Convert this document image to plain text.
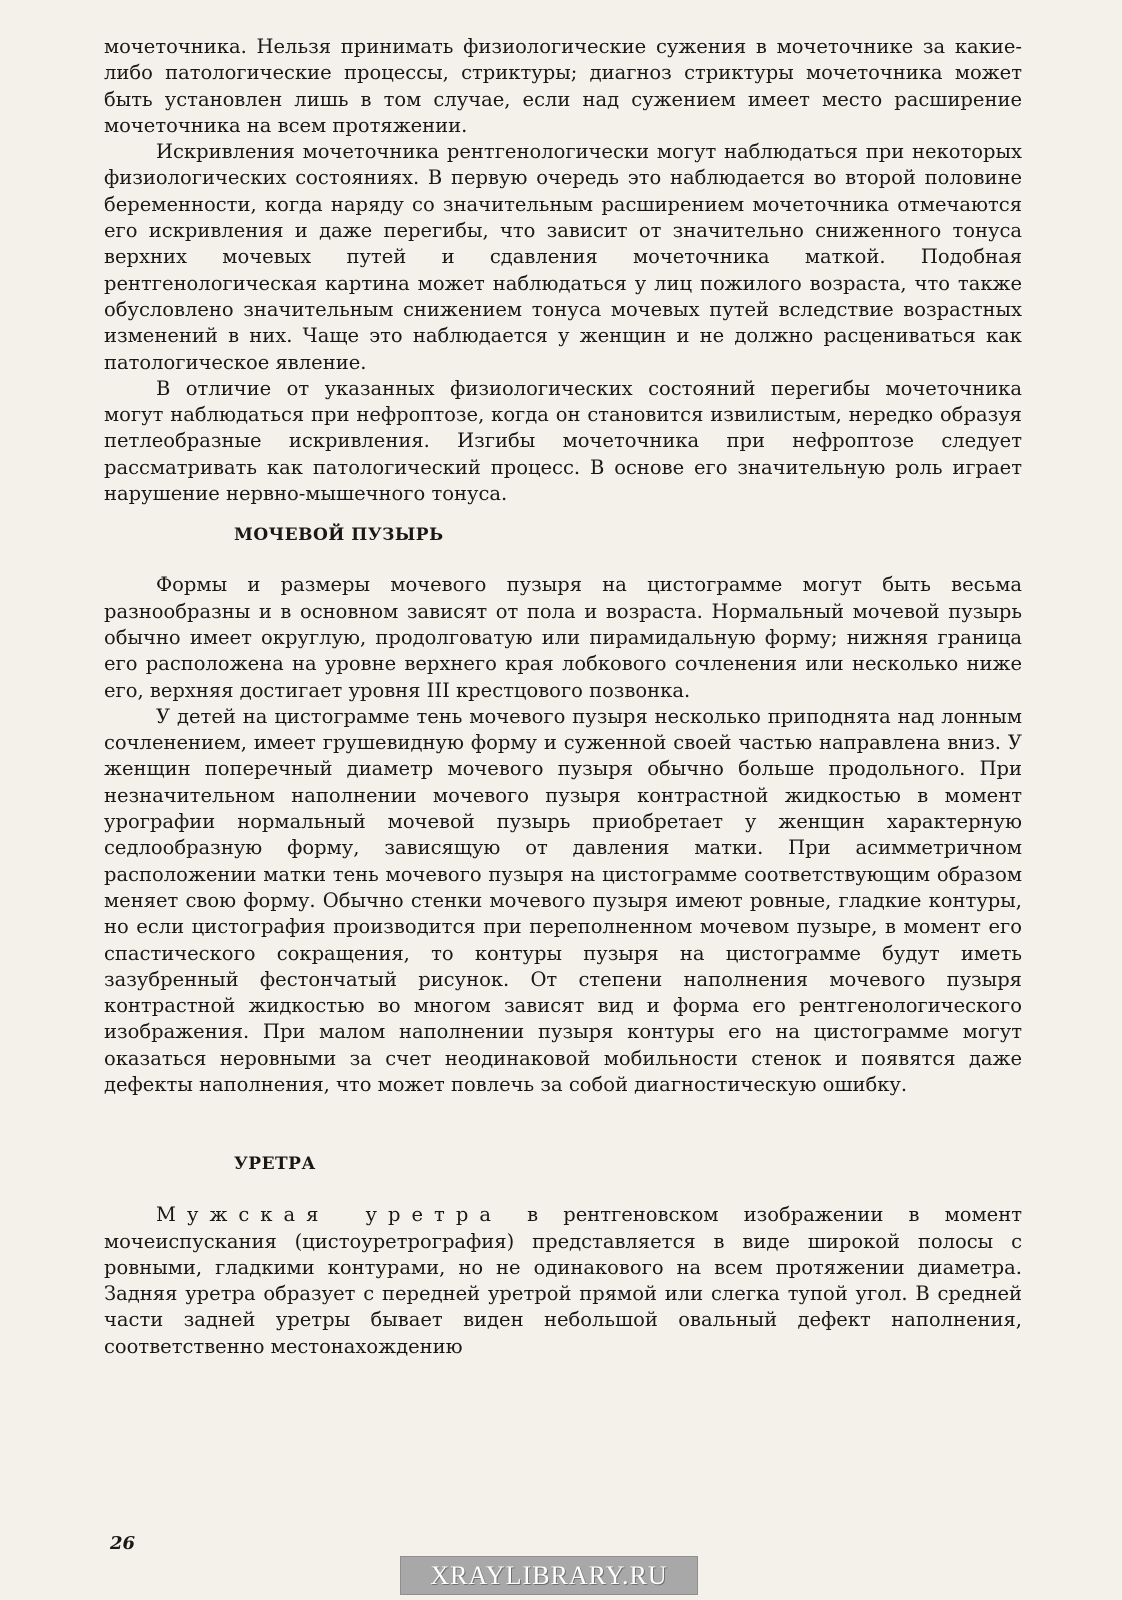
мочеточника. Нельзя принимать физиологические сужения в мочеточнике за какие-либо патологические процессы, стриктуры; диагноз стриктуры мочеточника может быть установлен лишь в том случае, если над сужением имеет место расширение мочеточника на всем протяжении.

Искривления мочеточника рентгенологически могут наблюдаться при некоторых физиологических состояниях. В первую очередь это наблюдается во второй половине беременности, когда наряду со значительным расширением мочеточника отмечаются его искривления и даже перегибы, что зависит от значительно сниженного тонуса верхних мочевых путей и сдавления мочеточника маткой. Подобная рентгенологическая картина может наблюдаться у лиц пожилого возраста, что также обусловлено значительным снижением тонуса мочевых путей вследствие возрастных изменений в них. Чаще это наблюдается у женщин и не должно расцениваться как патологическое явление.

В отличие от указанных физиологических состояний перегибы мочеточника могут наблюдаться при нефроптозе, когда он становится извилистым, нередко образуя петлеобразные искривления. Изгибы мочеточника при нефроптозе следует рассматривать как патологический процесс. В основе его значительную роль играет нарушение нервно-мышечного тонуса.

МОЧЕВОЙ ПУЗЫРЬ

Формы и размеры мочевого пузыря на цистограмме могут быть весьма разнообразны и в основном зависят от пола и возраста. Нормальный мочевой пузырь обычно имеет округлую, продолговатую или пирамидальную форму; нижняя граница его расположена на уровне верхнего края лобкового сочленения или несколько ниже его, верхняя достигает уровня III крестцового позвонка.

У детей на цистограмме тень мочевого пузыря несколько приподнята над лонным сочленением, имеет грушевидную форму и суженной своей частью направлена вниз. У женщин поперечный диаметр мочевого пузыря обычно больше продольного. При незначительном наполнении мочевого пузыря контрастной жидкостью в момент урографии нормальный мочевой пузырь приобретает у женщин характерную седлообразную форму, зависящую от давления матки. При асимметричном расположении матки тень мочевого пузыря на цистограмме соответствующим образом меняет свою форму. Обычно стенки мочевого пузыря имеют ровные, гладкие контуры, но если цистография производится при переполненном мочевом пузыре, в момент его спастического сокращения, то контуры пузыря на цистограмме будут иметь зазубренный фестончатый рисунок. От степени наполнения мочевого пузыря контрастной жидкостью во многом зависят вид и форма его рентгенологического изображения. При малом наполнении пузыря контуры его на цистограмме могут оказаться неровными за счет неодинаковой мобильности стенок и появятся даже дефекты наполнения, что может повлечь за собой диагностическую ошибку.

УРЕТРА

Мужская уретра в рентгеновском изображении в момент мочеиспускания (цистоуретрография) представляется в виде широкой полосы с ровными, гладкими контурами, но не одинакового на всем протяжении диаметра. Задняя уретра образует с передней уретрой прямой или слегка тупой угол. В средней части задней уретры бывает виден небольшой овальный дефект наполнения, соответственно местонахождению

26

XRAYLIBRARY.RU
